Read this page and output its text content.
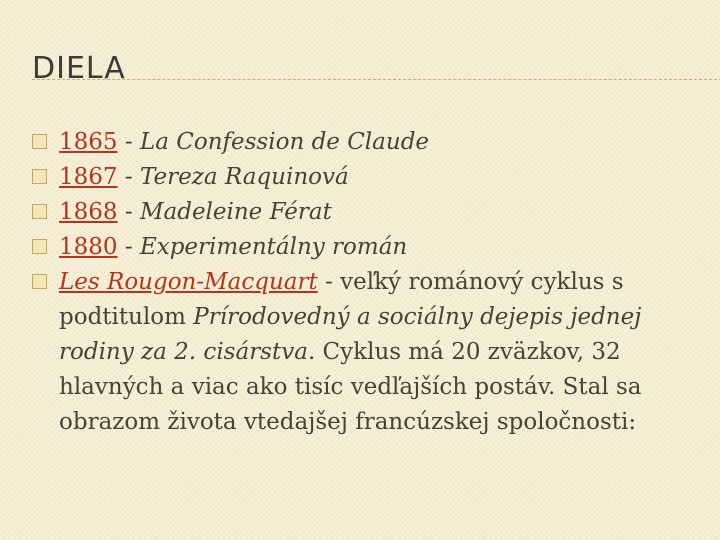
DIELA

1865 - La Confession de Claude

1867 - Tereza Raquinová

1868 - Madeleine Férat

1880 - Experimentálny román

Les Rougon-Macquart - veľký románový cyklus s podtitulom Prírodovedný a sociálny dejepis jednej rodiny za 2. cisárstva. Cyklus má 20 zväzkov, 32 hlavných a viac ako tisíc vedľajších postáv. Stal sa obrazom života vtedajšej francúzskej spoločnosti:
